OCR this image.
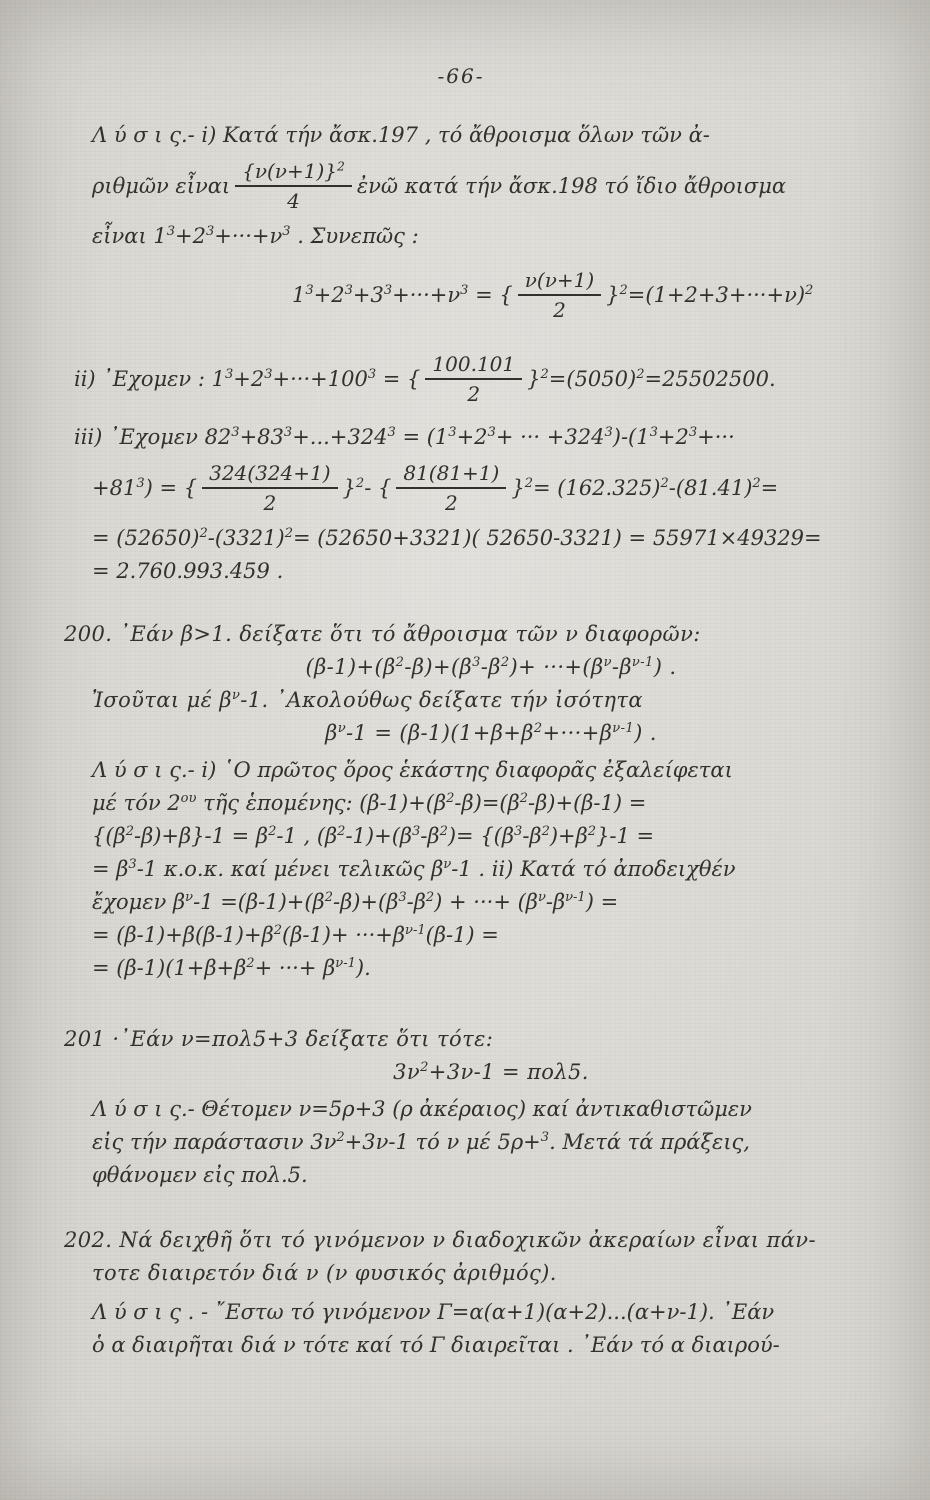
-66-
Λ ύ σ ι ς.- i) Κατά τήν ἄσκ.197 , τό ἄθροισμα ὅλων τῶν ἀ-
ριθμῶν εἶναι $\frac{\{\nu(\nu+1)\}^2}{4}$ ἐνῶ κατά τήν ἄσκ.198 τό ἴδιο ἄθροισμα
εἶναι $1^3+2^3+\cdot\cdot\cdot+\nu^3$ . Συνεπῶς :
$1^3+2^3+3^3+\cdot\cdot\cdot+\nu^3$ = { $\frac{\nu(\nu+1)}{2} \}^2=(1+2+3+\cdot\cdot\cdot+\nu)^2$
ii) ᾽Εχομεν : $1^3+2^3+\cdot\cdot\cdot+100^3$ = { $\frac{100.101}{2} \}^2=(5050)^2=25502500$.
iii) ᾽Εχομεν $82^3+83^3+...+324^3 = (1^3+2^3+$ ··· $+324^3)-(1^3+2^3+\cdot\cdot\cdot$
$+81^3$) = { $\frac{324(324+1)}{2} \}^2-$ { $\frac{81(81+1)}{2} \}^2= (162.325)^2-(81.41)^2=$
= $(52650)^2-(3321)^2= (52650+3321)$( 52650-3321) = 55971×49329=
= 2.760.993.459 .
200. ᾽Εάν β>1. δείξατε ὅτι τό ἄθροισμα τῶν ν διαφορῶν:
$(\beta-1)+(\beta^2-\beta)+(\beta^3-\beta^2)+ \cdot\cdot\cdot+(\beta^\nu-\beta^{\nu-1})$ .
Ἰσοῦται μέ $\beta^\nu-1$. ᾽Ακολούθως δείξατε τήν ἰσότητα
$\beta^\nu-1 = (\beta-1)(1+\beta+\beta^2+\cdot\cdot\cdot+\beta^{\nu-1})$ .
Λ ύ σ ι ς.- i) ῾Ο πρῶτος ὅρος ἑκάστης διαφορᾶς ἐξαλείφεται
μέ τόν $2^{o\upsilon}$ τῆς ἑπομένης: $(\beta-1)+(\beta^2-\beta)=(\beta^2-\beta)+(\beta-1)$ =
$\{(\beta^2-\beta)+\beta\}-1 = \beta^2-1$ , $(\beta^2-1)+(\beta^3-\beta^2)= \{(\beta^3-\beta^2)+\beta^2\}-1$ =
= $\beta^3-1$ κ.ο.κ. καί μένει τελικῶς $\beta^\nu-1$ . ii) Κατά τό ἀποδειχθέν
ἔχομεν $\beta^\nu-1 =(\beta-1)+(\beta^2-\beta)+(\beta^3-\beta^2)$ + ···+ $(\beta^\nu-\beta^{\nu-1})$ =
= $(\beta-1)+\beta(\beta-1)+\beta^2(\beta-1)+ \cdot\cdot\cdot+\beta^{\nu-1}(\beta-1)$ =
= $(\beta-1)(1+\beta+\beta^2+$ ···+ $\beta^{\nu-1}$).
201 ·᾽Εάν ν=πολ5+3 δείξατε ὅτι τότε:
$3\nu^2+3\nu-1 = \pi o\lambda 5$.
Λ ύ σ ι ς.- Θέτομεν ν=5ρ+3 (ρ ἀκέραιος) καί ἀντικαθιστῶμεν
εἰς τήν παράστασιν $3\nu^2+3\nu-1$ τό ν μέ 5ρ+$^3$. Μετά τά πράξεις,
φθάνομεν εἰς πολ.5.
202. Νά δειχθῆ ὅτι τό γινόμενον ν διαδοχικῶν ἀκεραίων εἶναι πάν-
τοτε διαιρετόν διά ν (ν φυσικός ἀριθμός).
Λ ύ σ ι ς . - ῎Εστω τό γινόμενον Γ=α(α+1)(α+2)...(α+ν-1). ᾽Εάν
ὁ α διαιρῆται διά ν τότε καί τό Γ διαιρεῖται . ᾽Εάν τό α διαιρού-
